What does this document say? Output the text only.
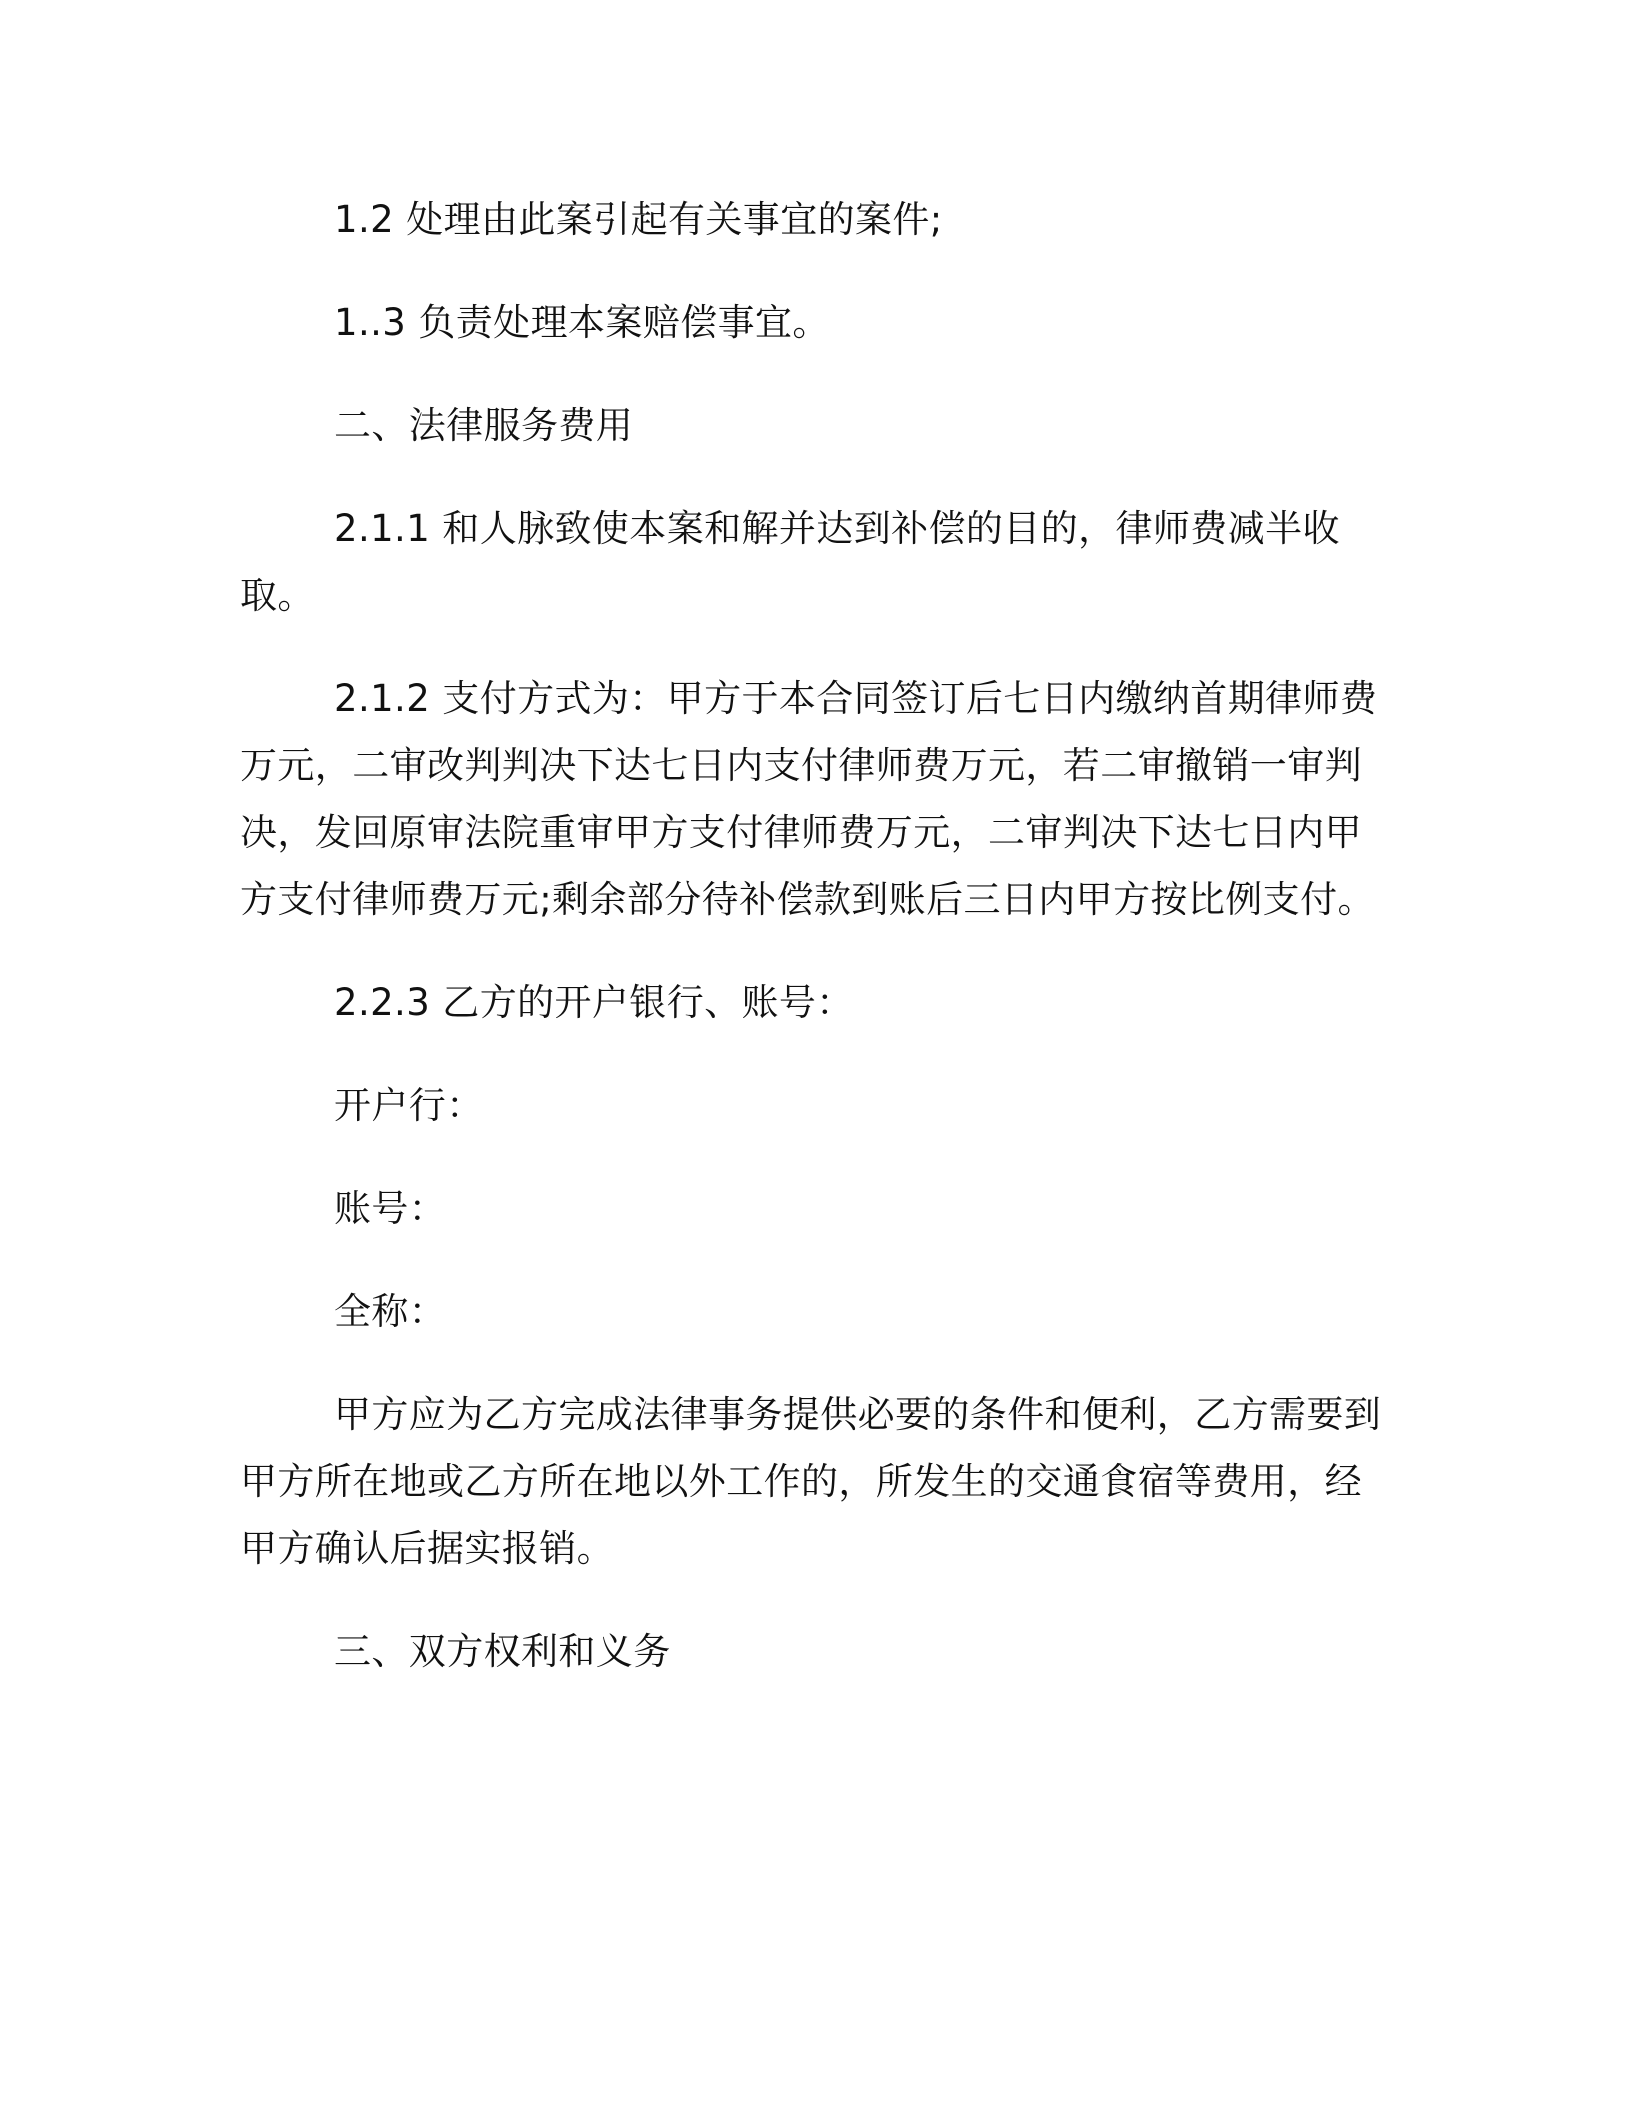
1.2 处理由此案引起有关事宜的案件;

1..3 负责处理本案赔偿事宜。

二、法律服务费用

2.1.1 和人脉致使本案和解并达到补偿的目的，律师费减半收取。

2.1.2 支付方式为：甲方于本合同签订后七日内缴纳首期律师费万元，二审改判判决下达七日内支付律师费万元，若二审撤销一审判决，发回原审法院重审甲方支付律师费万元，二审判决下达七日内甲方支付律师费万元;剩余部分待补偿款到账后三日内甲方按比例支付。

2.2.3 乙方的开户银行、账号：

开户行：

账号：

全称：

甲方应为乙方完成法律事务提供必要的条件和便利，乙方需要到甲方所在地或乙方所在地以外工作的，所发生的交通食宿等费用，经甲方确认后据实报销。

三、双方权利和义务
